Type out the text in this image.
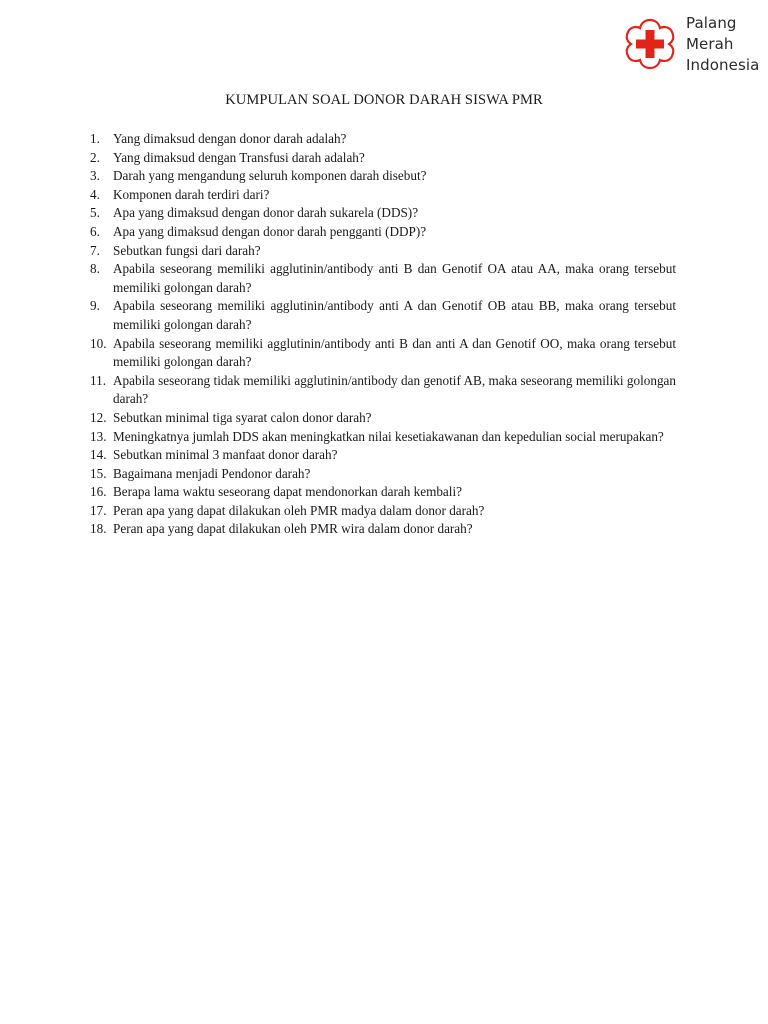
Palang
Merah
Indonesia
KUMPULAN SOAL DONOR DARAH SISWA PMR
1. Yang dimaksud dengan donor darah adalah?
2. Yang dimaksud dengan Transfusi darah adalah?
3. Darah yang mengandung seluruh komponen darah disebut?
4. Komponen darah terdiri dari?
5. Apa yang dimaksud dengan donor darah sukarela (DDS)?
6. Apa yang dimaksud dengan donor darah pengganti (DDP)?
7. Sebutkan fungsi dari darah?
8. Apabila seseorang memiliki agglutinin/antibody anti B dan Genotif OA atau AA, maka orang tersebut memiliki golongan darah?
9. Apabila seseorang memiliki agglutinin/antibody anti A dan Genotif OB atau BB, maka orang tersebut memiliki golongan darah?
10. Apabila seseorang memiliki agglutinin/antibody anti B dan anti A dan Genotif OO, maka orang tersebut memiliki golongan darah?
11. Apabila seseorang tidak memiliki agglutinin/antibody dan genotif AB, maka seseorang memiliki golongan darah?
12. Sebutkan minimal tiga syarat calon donor darah?
13. Meningkatnya jumlah DDS akan meningkatkan nilai kesetiakawanan dan kepedulian social merupakan?
14. Sebutkan minimal 3 manfaat donor darah?
15. Bagaimana menjadi Pendonor darah?
16. Berapa lama waktu seseorang dapat mendonorkan darah kembali?
17. Peran apa yang dapat dilakukan oleh PMR madya dalam donor darah?
18. Peran apa yang dapat dilakukan oleh PMR wira dalam donor darah?
